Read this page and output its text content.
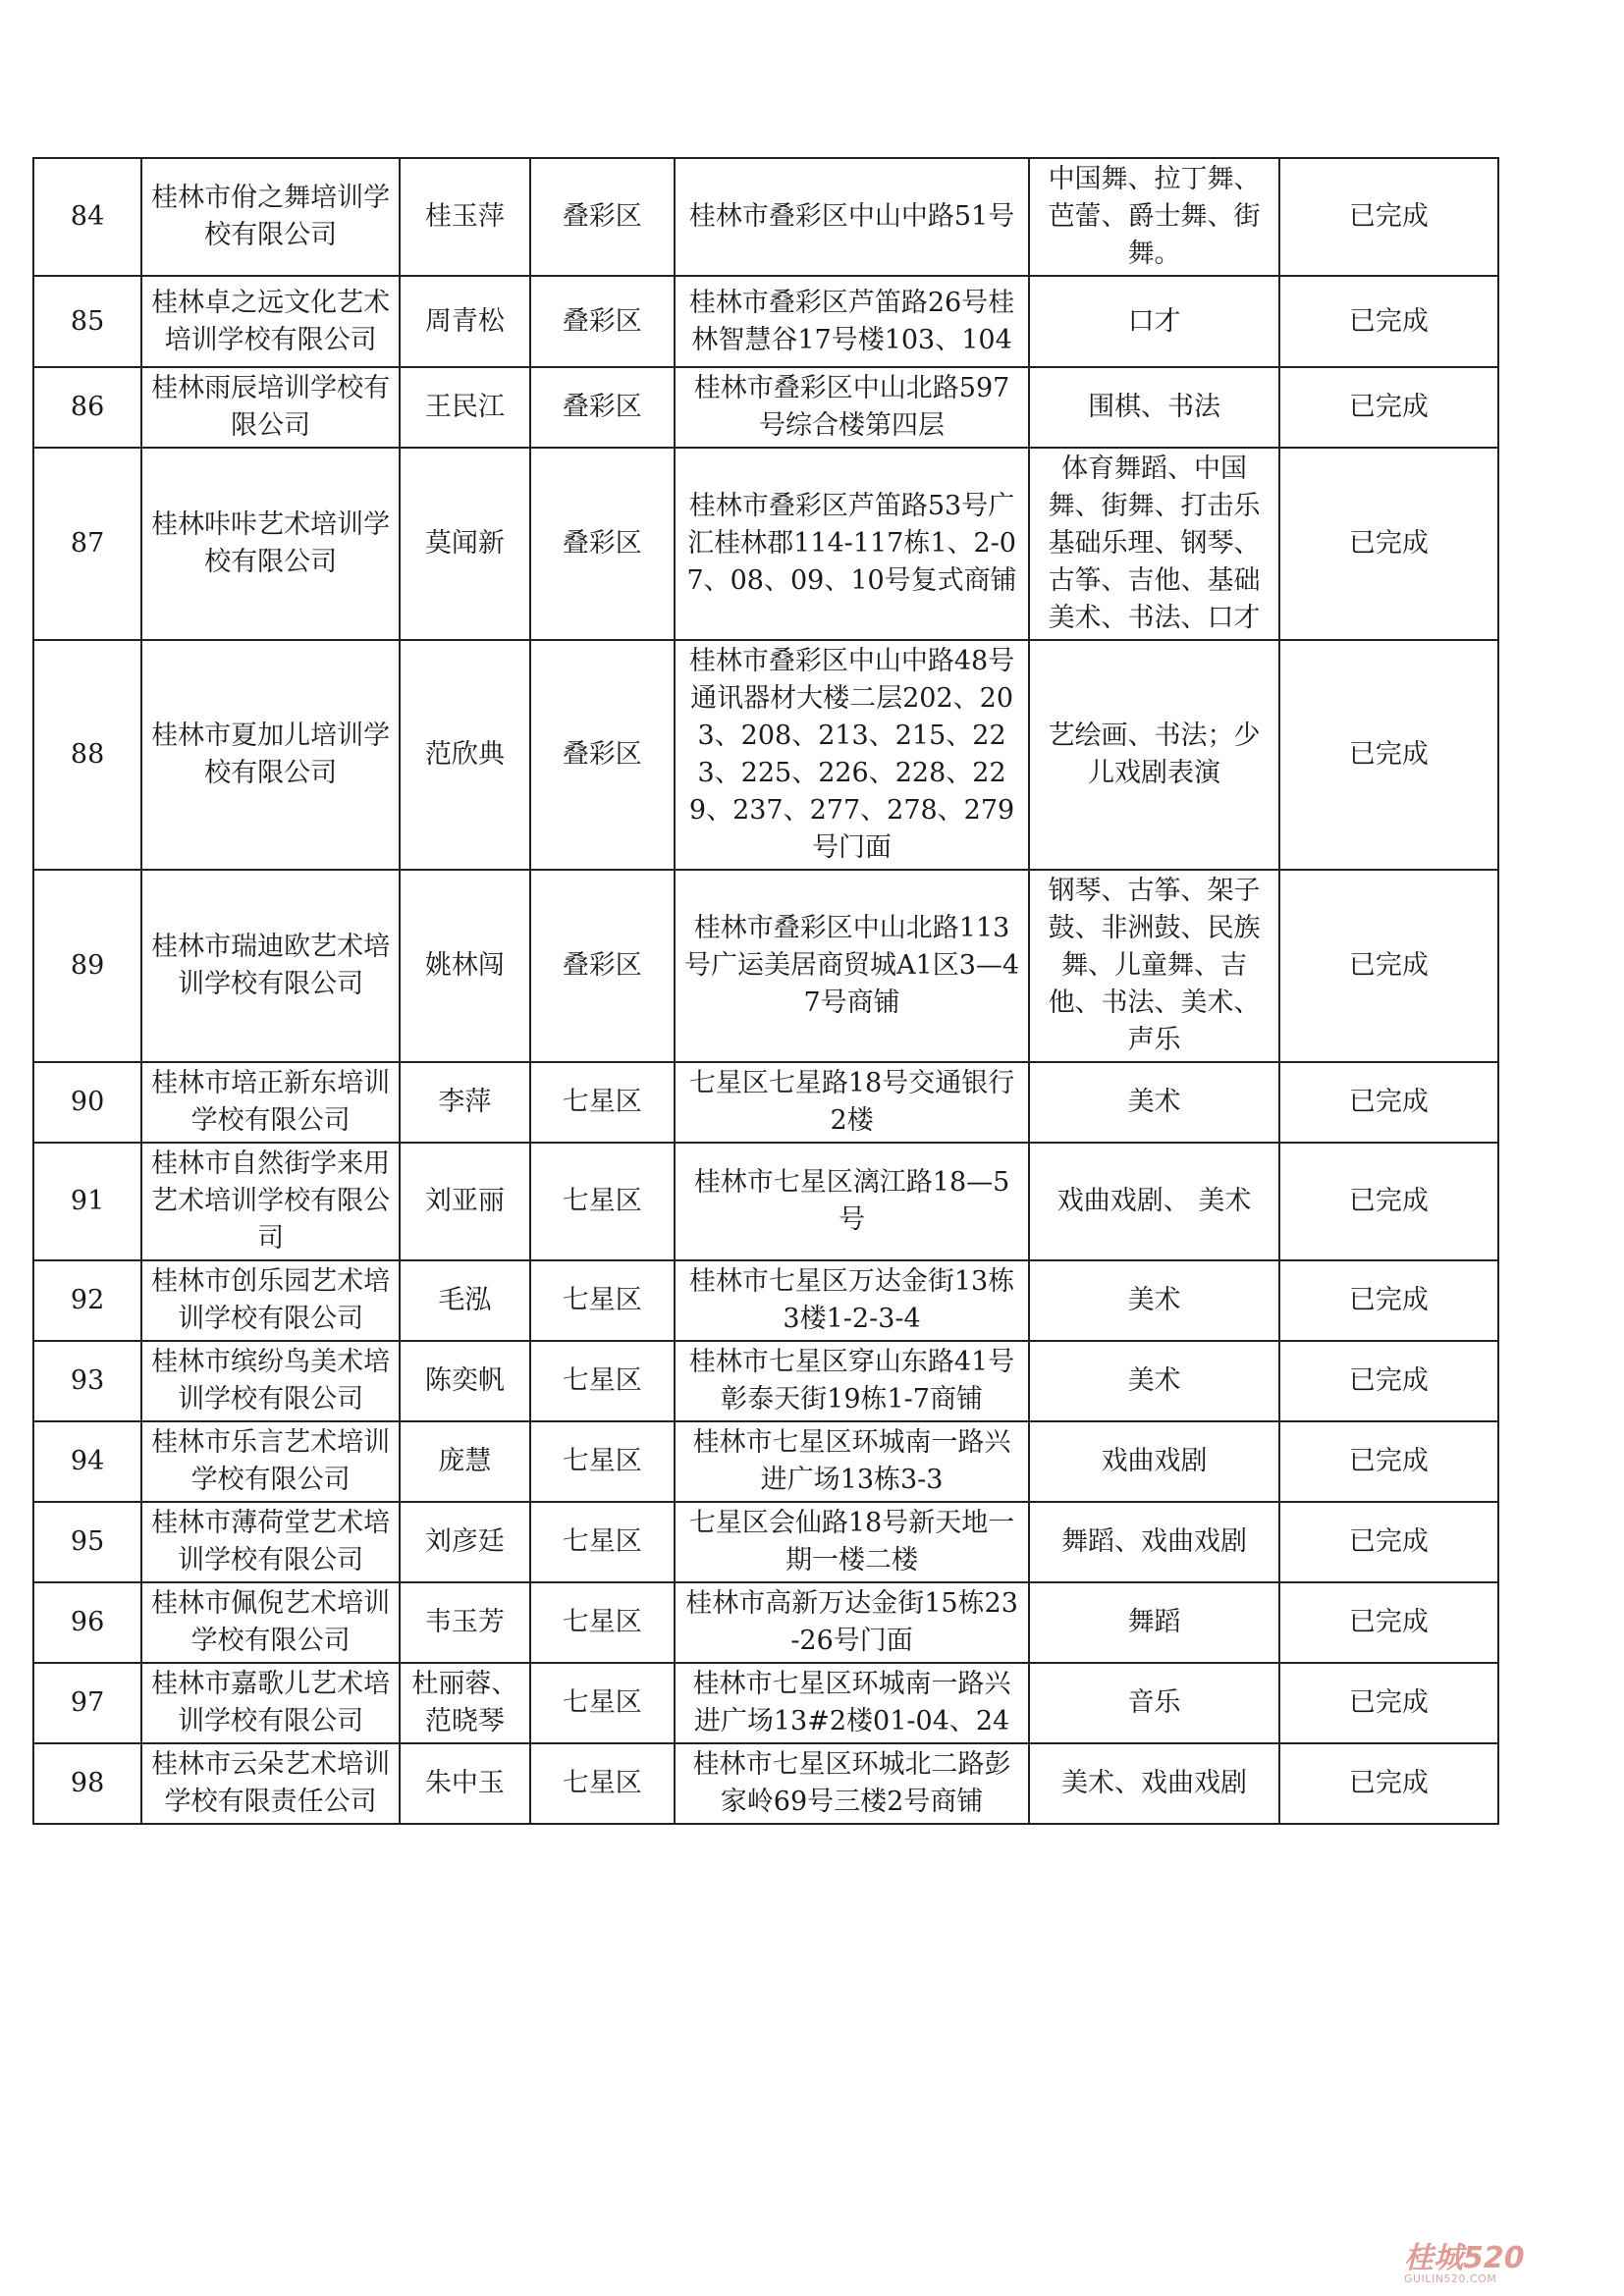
84	桂林市佾之舞培训学校有限公司	桂玉萍	叠彩区	桂林市叠彩区中山中路51号	中国舞、拉丁舞、芭蕾、爵士舞、街舞。	已完成
85	桂林卓之远文化艺术培训学校有限公司	周青松	叠彩区	桂林市叠彩区芦笛路26号桂林智慧谷17号楼103、104	口才	已完成
86	桂林雨辰培训学校有限公司	王民江	叠彩区	桂林市叠彩区中山北路597号综合楼第四层	围棋、书法	已完成
87	桂林咔咔艺术培训学校有限公司	莫闻新	叠彩区	桂林市叠彩区芦笛路53号广汇桂林郡114-117栋1、2-07、08、09、10号复式商铺	体育舞蹈、中国舞、街舞、打击乐基础乐理、钢琴、古筝、吉他、基础美术、书法、口才	已完成
88	桂林市夏加儿培训学校有限公司	范欣典	叠彩区	桂林市叠彩区中山中路48号通讯器材大楼二层202、203、208、213、215、223、225、226、228、229、237、277、278、279号门面	艺绘画、书法；少儿戏剧表演	已完成
89	桂林市瑞迪欧艺术培训学校有限公司	姚林闯	叠彩区	桂林市叠彩区中山北路113号广运美居商贸城A1区3—47号商铺	钢琴、古筝、架子鼓、非洲鼓、民族舞、儿童舞、吉他、书法、美术、声乐	已完成
90	桂林市培正新东培训学校有限公司	李萍	七星区	七星区七星路18号交通银行2楼	美术	已完成
91	桂林市自然街学来用艺术培训学校有限公司	刘亚丽	七星区	桂林市七星区漓江路18—5号	戏曲戏剧、 美术	已完成
92	桂林市创乐园艺术培训学校有限公司	毛泓	七星区	桂林市七星区万达金街13栋3楼1-2-3-4	美术	已完成
93	桂林市缤纷鸟美术培训学校有限公司	陈奕帆	七星区	桂林市七星区穿山东路41号彰泰天街19栋1-7商铺	美术	已完成
94	桂林市乐言艺术培训学校有限公司	庞慧	七星区	桂林市七星区环城南一路兴进广场13栋3-3	戏曲戏剧	已完成
95	桂林市薄荷堂艺术培训学校有限公司	刘彦廷	七星区	七星区会仙路18号新天地一期一楼二楼	舞蹈、戏曲戏剧	已完成
96	桂林市佩倪艺术培训学校有限公司	韦玉芳	七星区	桂林市高新万达金街15栋23-26号门面	舞蹈	已完成
97	桂林市嘉歌儿艺术培训学校有限公司	杜丽蓉、范晓琴	七星区	桂林市七星区环城南一路兴进广场13#2楼01-04、24	音乐	已完成
98	桂林市云朵艺术培训学校有限责任公司	朱中玉	七星区	桂林市七星区环城北二路彭家岭69号三楼2号商铺	美术、戏曲戏剧	已完成
桂城520
GUILIN520.COM
